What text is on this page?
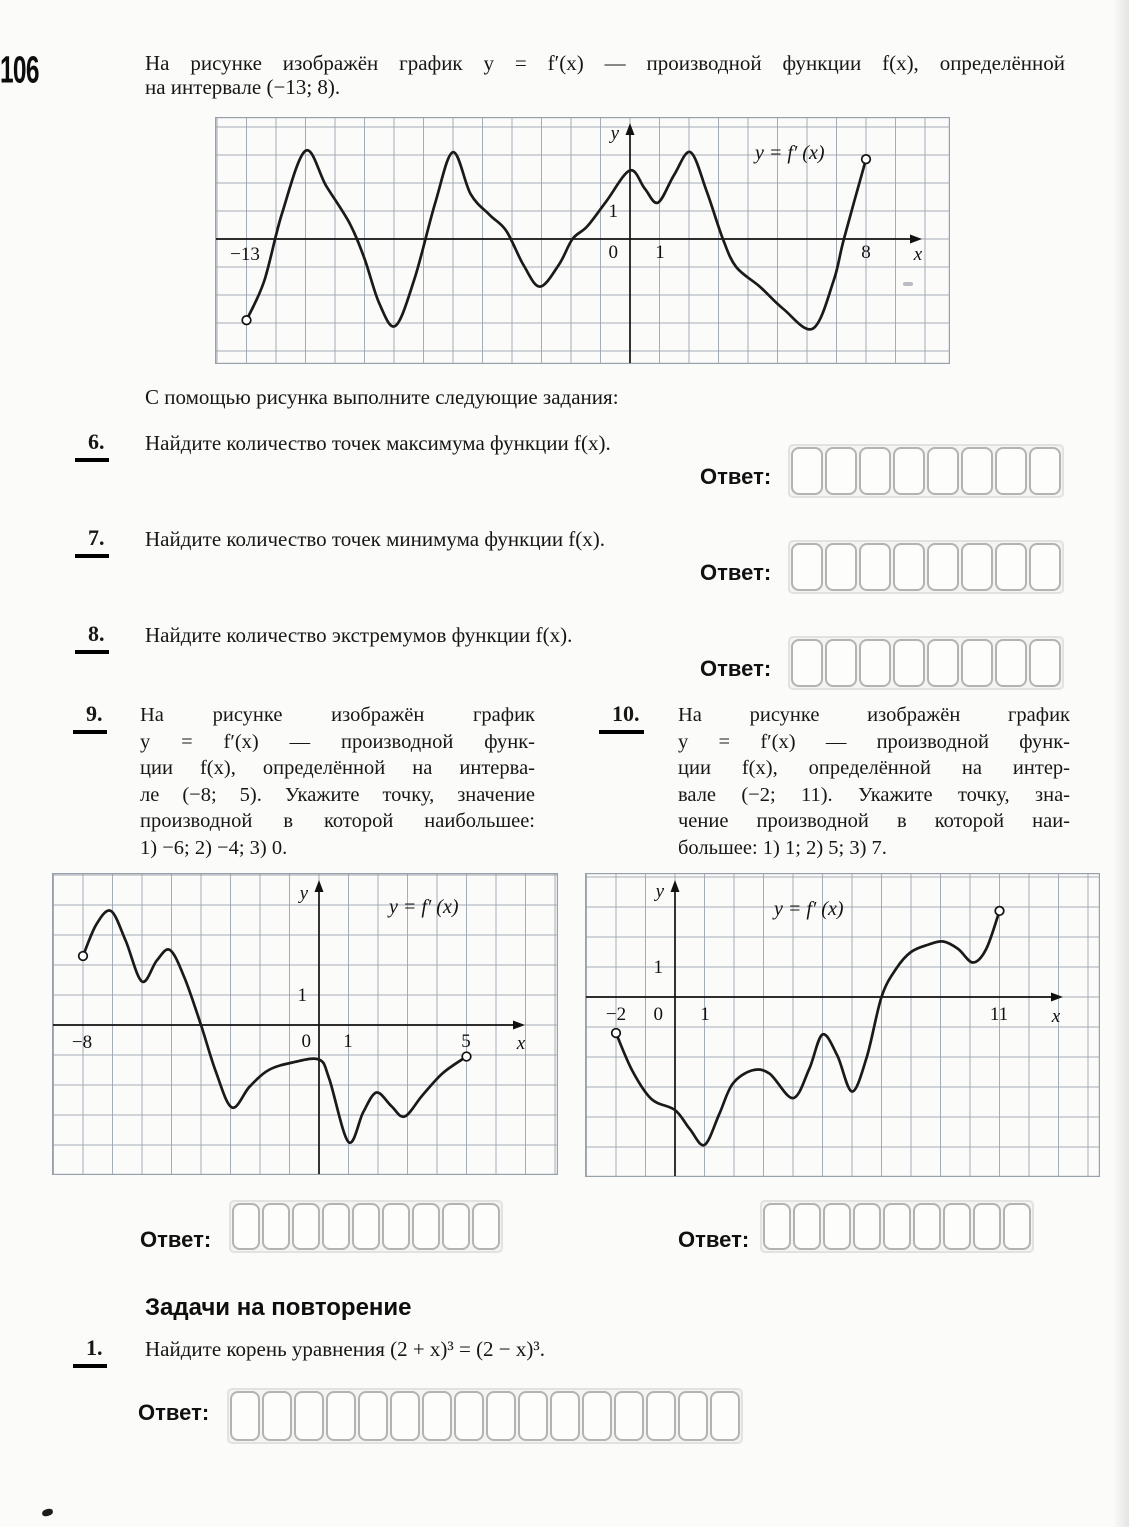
106	На рисунке изображён график y = f′(x) — производной функции f(x), определённой
на интервале (−13; 8).
y
1
0 1
−13	8 x
y = f′ (x)
С помощью рисунка выполните следующие задания:
6. Найдите количество точек максимума функции f(x).
Ответ:
7. Найдите количество точек минимума функции f(x).
Ответ:
8. Найдите количество экстремумов функции f(x).
Ответ:
9. На рисунке изображён график
y = f′(x) — производной функ-
ции f(x), определённой на интерва-
ле (−8; 5). Укажите точку, значение
производной в которой наибольшее:
1) −6; 2) −4; 3) 0.
10. На рисунке изображён график
y = f′(x) — производной функ-
ции f(x), определённой на интер-
вале (−2; 11). Укажите точку, зна-
чение производной в которой наи-
большее: 1) 1; 2) 5; 3) 7.
y
1
0 1
−8	5 x
y = f′ (x)
y
1
−2 0 1	11 x
y = f′ (x)
Ответ:	Ответ:
Задачи на повторение
1. Найдите корень уравнения (2 + x)³ = (2 − x)³.
Ответ:
